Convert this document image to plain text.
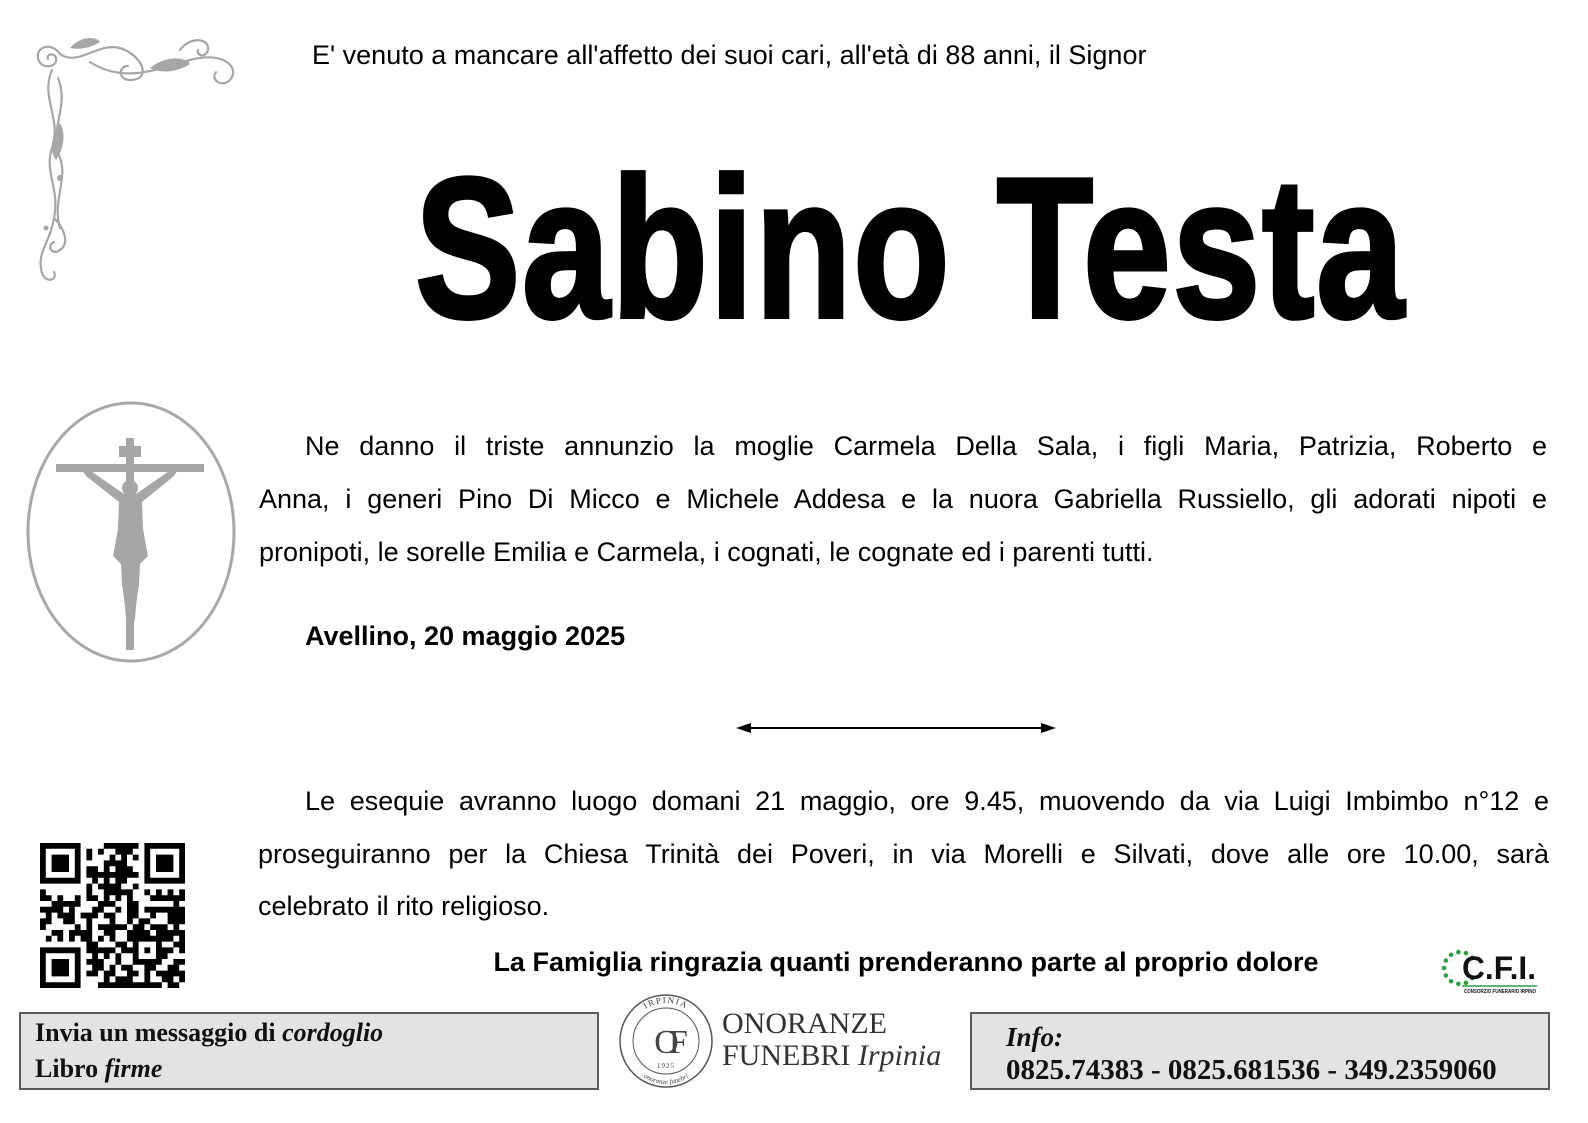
E' venuto a mancare all'affetto dei suoi cari, all'età di 88 anni, il Signor
Sabino Testa
Ne danno il triste annunzio la moglie Carmela Della Sala, i figli Maria, Patrizia, Roberto e
Anna, i generi Pino Di Micco e Michele Addesa e la nuora Gabriella Russiello, gli adorati nipoti e
pronipoti, le sorelle Emilia e Carmela, i cognati, le cognate ed i parenti tutti.
Avellino, 20 maggio 2025
Le esequie avranno luogo domani 21 maggio, ore 9.45, muovendo da via Luigi Imbimbo n°12 e
proseguiranno per la Chiesa Trinità dei Poveri, in via Morelli e Silvati, dove alle ore 10.00, sarà
celebrato il rito religioso.
La Famiglia ringrazia quanti prenderanno parte al proprio dolore	C.F.I.
CONSORZIO FUNERARIO IRPINO
Invia un messaggio di cordoglio
Libro firme
IRPINIA
OF
1925
onoranze funebri
ONORANZE
FUNEBRI Irpinia
Info:
0825.74383 - 0825.681536 - 349.2359060
